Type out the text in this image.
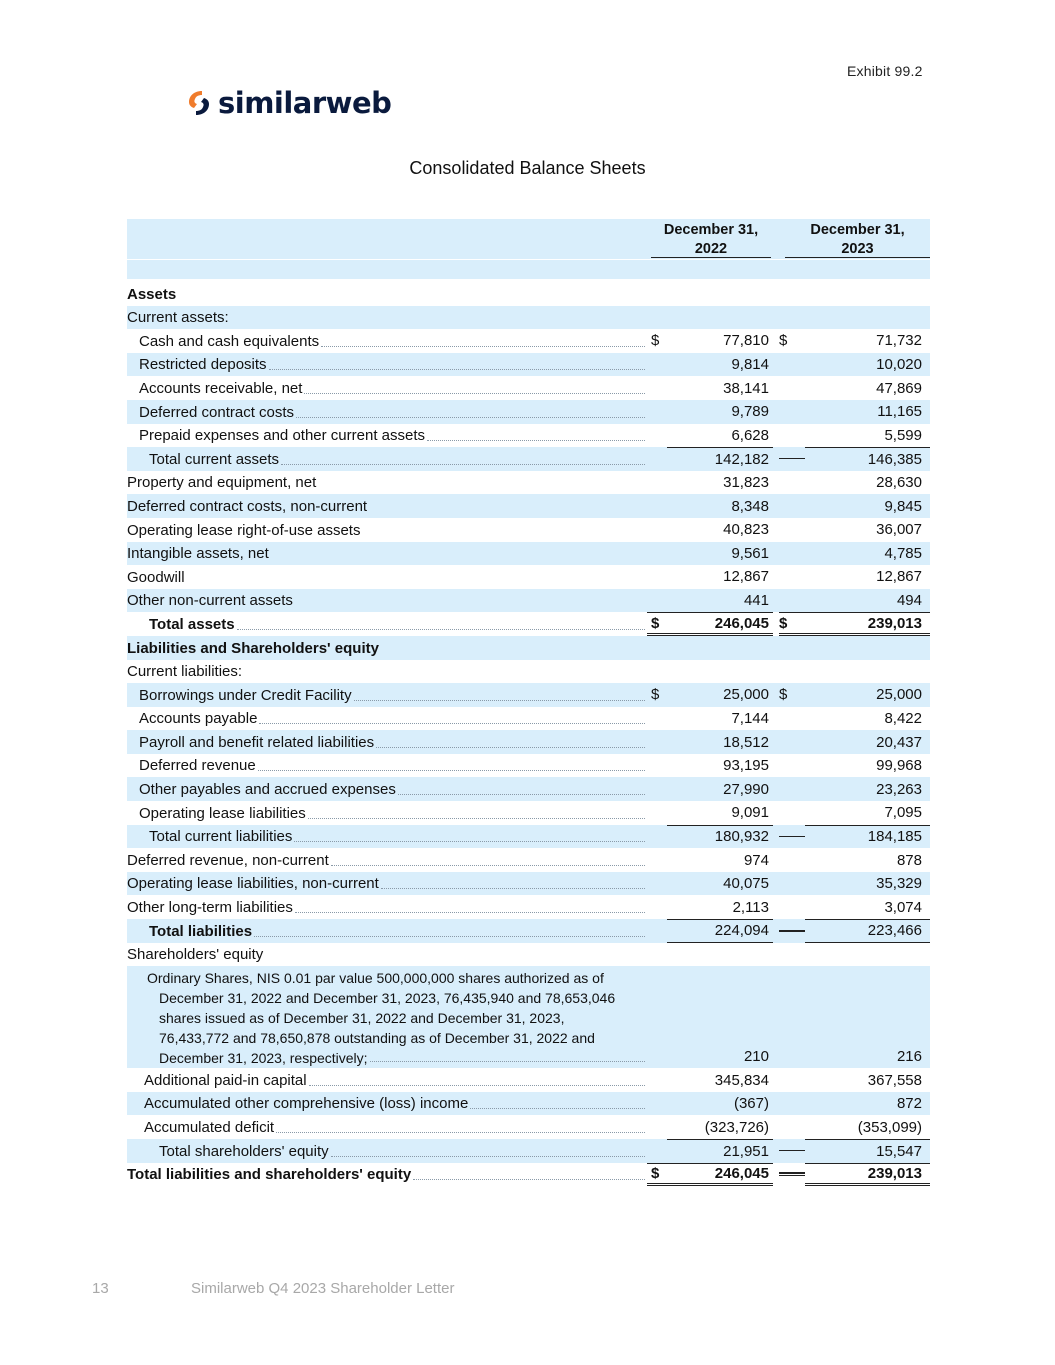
Exhibit 99.2
similarweb
Consolidated Balance Sheets
December 31,
2022
December 31,
2023
Assets
Current assets:
Cash and cash equivalents	$	77,810 $	71,732
Restricted deposits	9,814	10,020
Accounts receivable, net	38,141	47,869
Deferred contract costs	9,789	11,165
Prepaid expenses and other current assets	6,628	5,599
Total current assets	142,182	146,385
Property and equipment, net	31,823	28,630
Deferred contract costs, non-current	8,348	9,845
Operating lease right-of-use assets	40,823	36,007
Intangible assets, net	9,561	4,785
Goodwill	12,867	12,867
Other non-current assets	441	494
Total assets	$	246,045 $	239,013
Liabilities and Shareholders' equity
Current liabilities:
Borrowings under Credit Facility	$	25,000 $	25,000
Accounts payable	7,144	8,422
Payroll and benefit related liabilities	18,512	20,437
Deferred revenue	93,195	99,968
Other payables and accrued expenses	27,990	23,263
Operating lease liabilities	9,091	7,095
Total current liabilities	180,932	184,185
Deferred revenue, non-current	974	878
Operating lease liabilities, non-current	40,075	35,329
Other long-term liabilities	2,113	3,074
Total liabilities	224,094	223,466
Shareholders' equity
Ordinary Shares, NIS 0.01 par value 500,000,000 shares authorized as of
December 31, 2022 and December 31, 2023, 76,435,940 and 78,653,046
shares issued as of December 31, 2022 and December 31, 2023,
76,433,772 and 78,650,878 outstanding as of December 31, 2022 and
December 31, 2023, respectively;	210	216
Additional paid-in capital	345,834	367,558
Accumulated other comprehensive (loss) income	(367)	872
Accumulated deficit	(323,726)	(353,099)
Total shareholders' equity	21,951	15,547
Total liabilities and shareholders' equity	$	246,045	239,013
13	Similarweb Q4 2023 Shareholder Letter
